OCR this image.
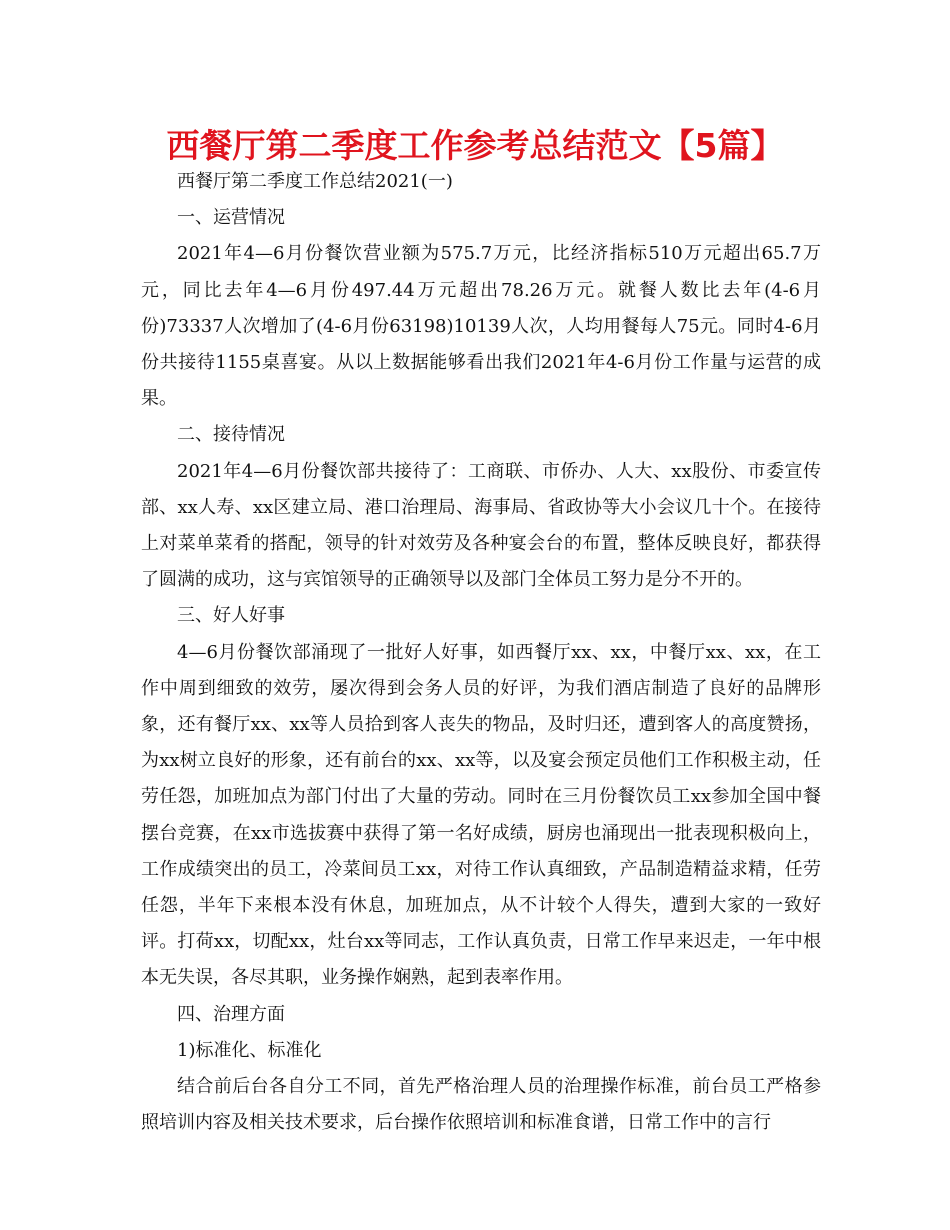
西餐厅第二季度工作参考总结范文【5篇】

西餐厅第二季度工作总结2021(一)

一、运营情况

2021年4—6月份餐饮营业额为575.7万元，比经济指标510万元超出65.7万元，同比去年4—6月份497.44万元超出78.26万元。就餐人数比去年(4-6月份)73337人次增加了(4-6月份63198)10139人次，人均用餐每人75元。同时4-6月份共接待1155桌喜宴。从以上数据能够看出我们2021年4-6月份工作量与运营的成果。

二、接待情况

2021年4—6月份餐饮部共接待了：工商联、市侨办、人大、xx股份、市委宣传部、xx人寿、xx区建立局、港口治理局、海事局、省政协等大小会议几十个。在接待上对菜单菜肴的搭配，领导的针对效劳及各种宴会台的布置，整体反映良好，都获得了圆满的成功，这与宾馆领导的正确领导以及部门全体员工努力是分不开的。

三、好人好事

4—6月份餐饮部涌现了一批好人好事，如西餐厅xx、xx，中餐厅xx、xx，在工作中周到细致的效劳，屡次得到会务人员的好评，为我们酒店制造了良好的品牌形象，还有餐厅xx、xx等人员拾到客人丧失的物品，及时归还，遭到客人的高度赞扬，为xx树立良好的形象，还有前台的xx、xx等，以及宴会预定员他们工作积极主动，任劳任怨，加班加点为部门付出了大量的劳动。同时在三月份餐饮员工xx参加全国中餐摆台竞赛，在xx市选拔赛中获得了第一名好成绩，厨房也涌现出一批表现积极向上，工作成绩突出的员工，冷菜间员工xx，对待工作认真细致，产品制造精益求精，任劳任怨，半年下来根本没有休息，加班加点，从不计较个人得失，遭到大家的一致好评。打荷xx，切配xx，灶台xx等同志，工作认真负责，日常工作早来迟走，一年中根本无失误，各尽其职，业务操作娴熟，起到表率作用。

四、治理方面

1)标准化、标准化

结合前后台各自分工不同，首先严格治理人员的治理操作标准，前台员工严格参照培训内容及相关技术要求，后台操作依照培训和标准食谱，日常工作中的言行
